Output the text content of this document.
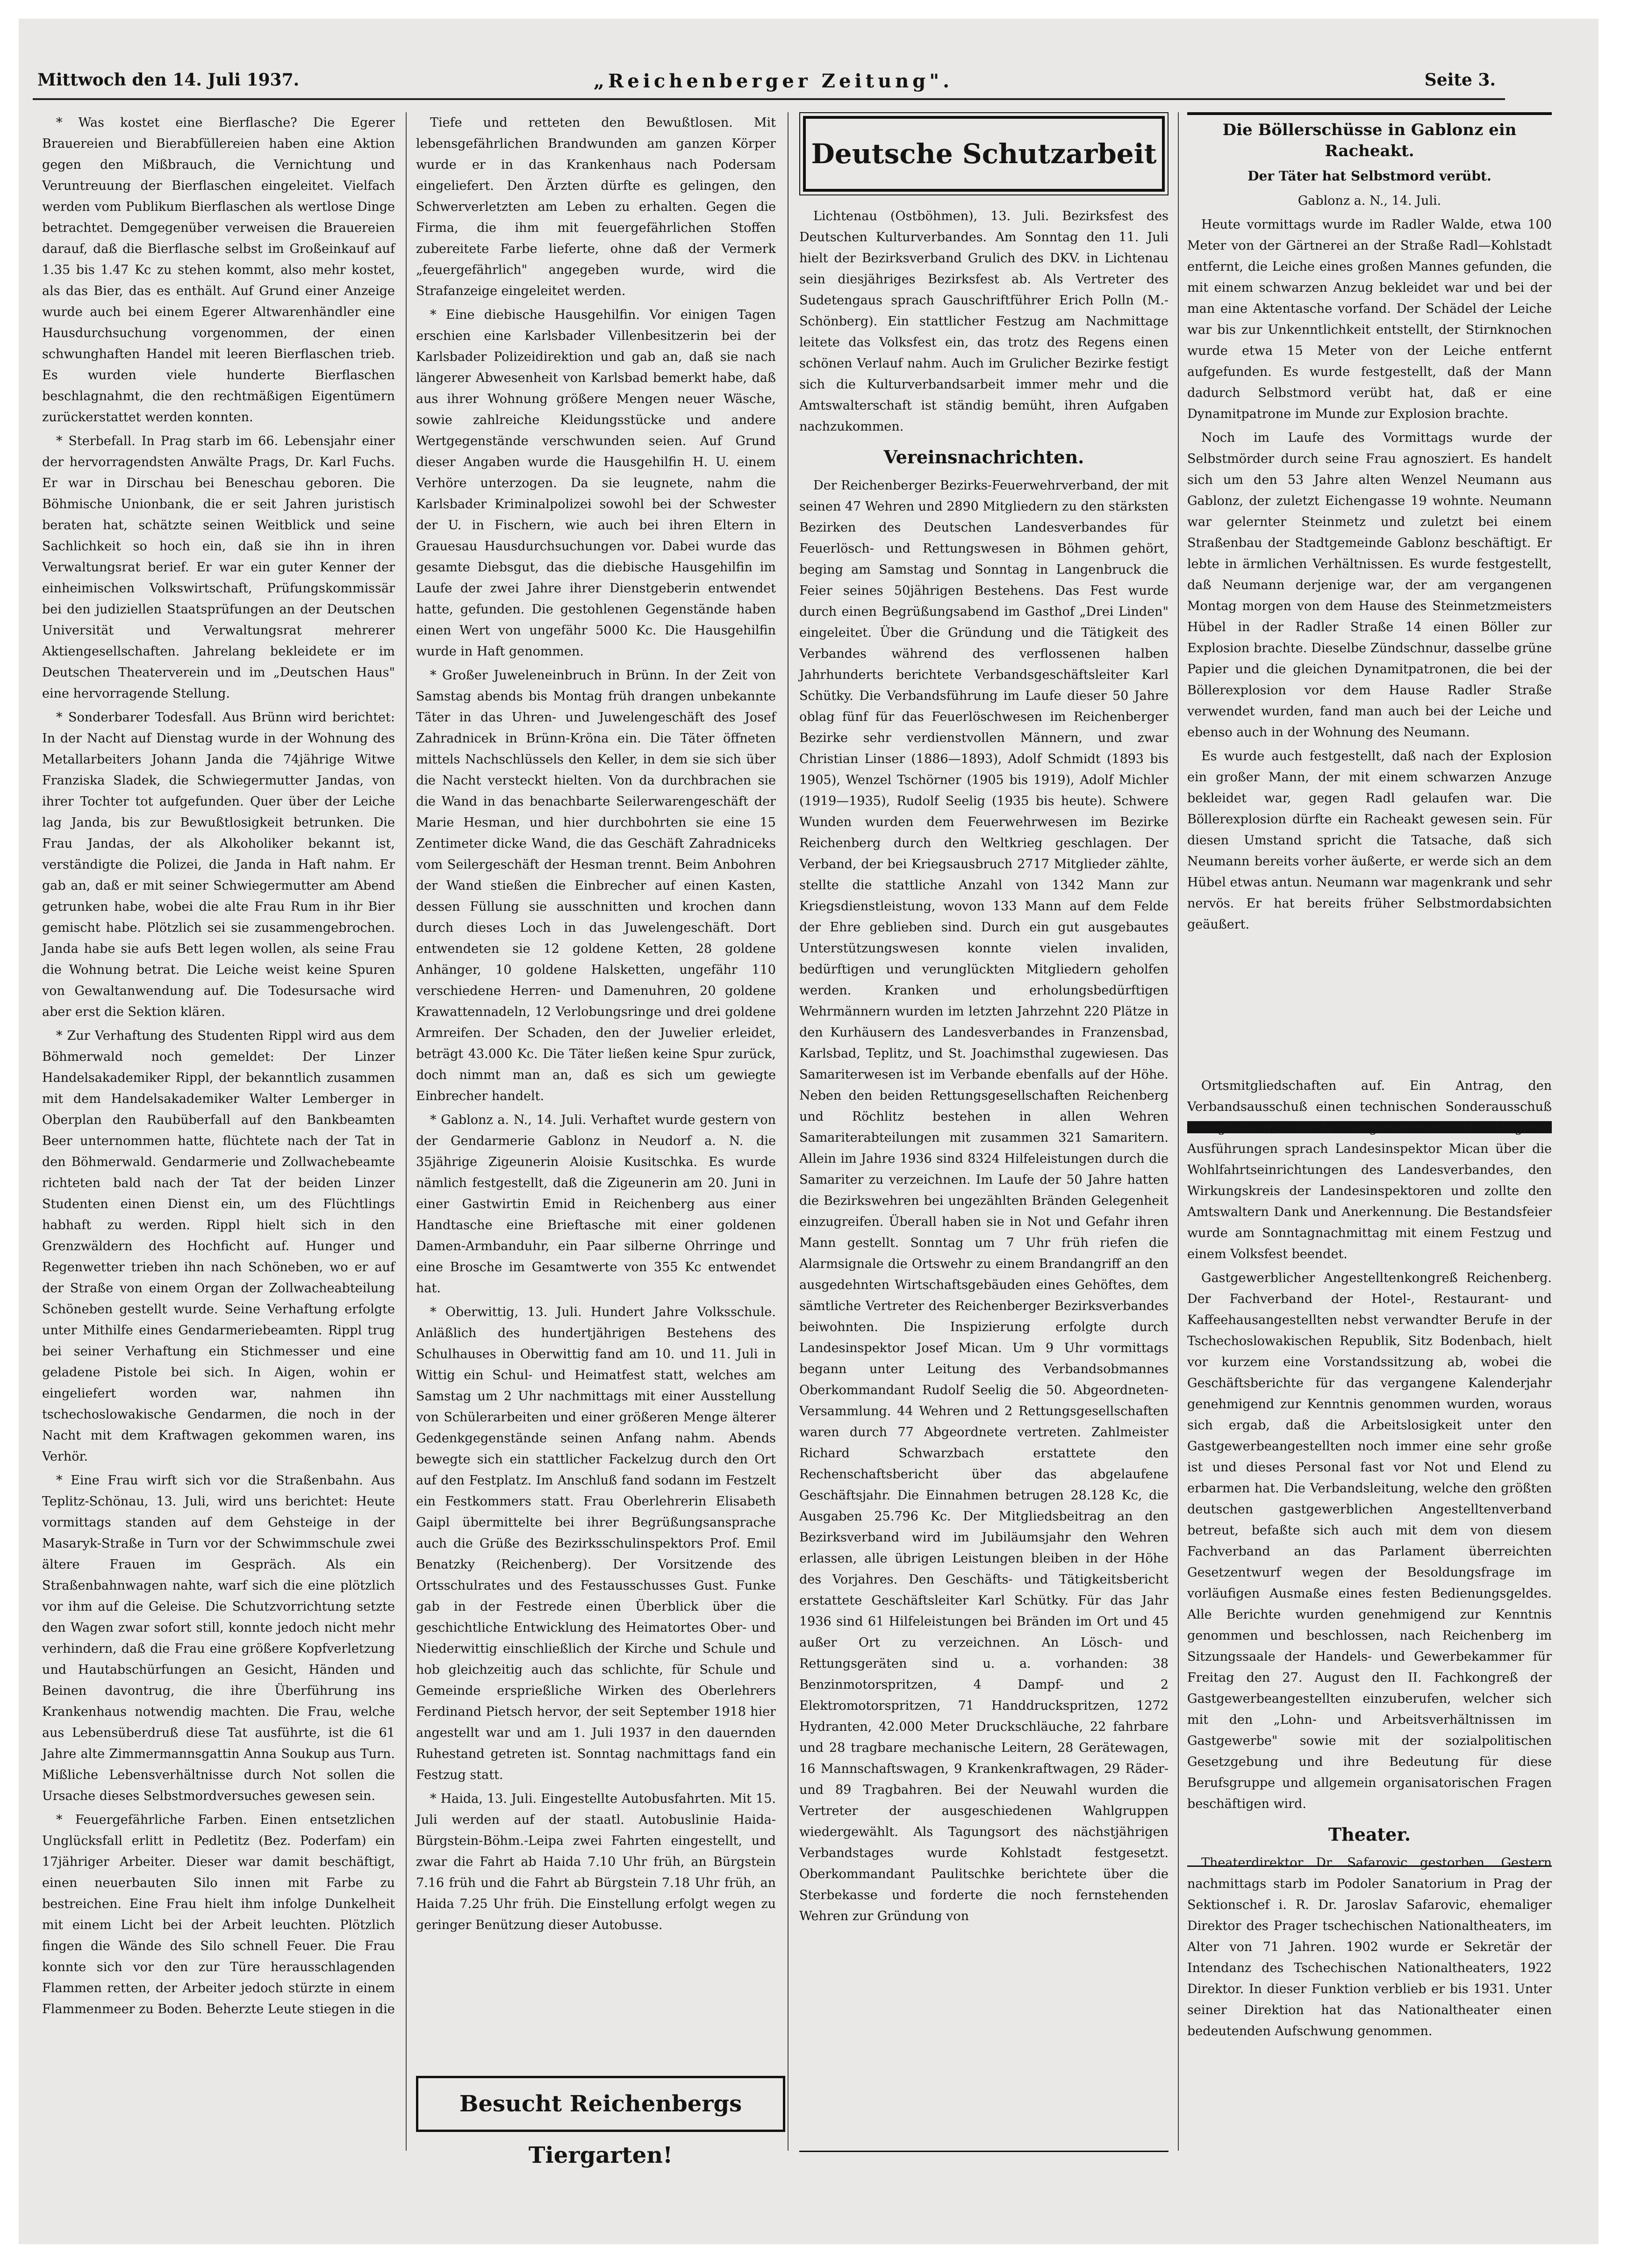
Mittwoch den 14. Juli 1937.	„Reichenberger Zeitung".	Seite 3.

* Was kostet eine Bierflasche? Die Egerer Brauereien und Bierabfüllereien haben eine Aktion gegen den Mißbrauch, die Vernichtung und Veruntreuung der Bierflaschen eingeleitet. Vielfach werden vom Publikum Bierflaschen als wertlose Dinge betrachtet. Demgegenüber verweisen die Brauereien darauf, daß die Bierflasche selbst im Großeinkauf auf 1.35 bis 1.47 Kc zu stehen kommt, also mehr kostet, als das Bier, das es enthält. Auf Grund einer Anzeige wurde auch bei einem Egerer Altwarenhändler eine Hausdurchsuchung vorgenommen, der einen schwunghaften Handel mit leeren Bierflaschen trieb. Es wurden viele hunderte Bierflaschen beschlagnahmt, die den rechtmäßigen Eigentümern zurückerstattet werden konnten.

* Sterbefall. In Prag starb im 66. Lebensjahr einer der hervorragendsten Anwälte Prags, Dr. Karl Fuchs. Er war in Dirschau bei Beneschau geboren. Die Böhmische Unionbank, die er seit Jahren juristisch beraten hat, schätzte seinen Weitblick und seine Sachlichkeit so hoch ein, daß sie ihn in ihren Verwaltungsrat berief. Er war ein guter Kenner der einheimischen Volkswirtschaft, Prüfungskommissär bei den judiziellen Staatsprüfungen an der Deutschen Universität und Verwaltungsrat mehrerer Aktiengesellschaften. Jahrelang bekleidete er im Deutschen Theaterverein und im „Deutschen Haus" eine hervorragende Stellung.

* Sonderbarer Todesfall. Aus Brünn wird berichtet: In der Nacht auf Dienstag wurde in der Wohnung des Metallarbeiters Johann Janda die 74jährige Witwe Franziska Sladek, die Schwiegermutter Jandas, von ihrer Tochter tot aufgefunden. Quer über der Leiche lag Janda, bis zur Bewußtlosigkeit betrunken. Die Frau Jandas, der als Alkoholiker bekannt ist, verständigte die Polizei, die Janda in Haft nahm. Er gab an, daß er mit seiner Schwiegermutter am Abend getrunken habe, wobei die alte Frau Rum in ihr Bier gemischt habe. Plötzlich sei sie zusammengebrochen. Janda habe sie aufs Bett legen wollen, als seine Frau die Wohnung betrat. Die Leiche weist keine Spuren von Gewaltanwendung auf. Die Todesursache wird aber erst die Sektion klären.

* Zur Verhaftung des Studenten Rippl wird aus dem Böhmerwald noch gemeldet: Der Linzer Handelsakademiker Rippl, der bekanntlich zusammen mit dem Handelsakademiker Walter Lemberger in Oberplan den Raubüberfall auf den Bankbeamten Beer unternommen hatte, flüchtete nach der Tat in den Böhmerwald. Gendarmerie und Zollwachebeamte richteten bald nach der Tat der beiden Linzer Studenten einen Dienst ein, um des Flüchtlings habhaft zu werden. Rippl hielt sich in den Grenzwäldern des Hochficht auf. Hunger und Regenwetter trieben ihn nach Schöneben, wo er auf der Straße von einem Organ der Zollwacheabteilung Schöneben gestellt wurde. Seine Verhaftung erfolgte unter Mithilfe eines Gendarmeriebeamten. Rippl trug bei seiner Verhaftung ein Stichmesser und eine geladene Pistole bei sich. In Aigen, wohin er eingeliefert worden war, nahmen ihn tschechoslowakische Gendarmen, die noch in der Nacht mit dem Kraftwagen gekommen waren, ins Verhör.

* Eine Frau wirft sich vor die Straßenbahn. Aus Teplitz-Schönau, 13. Juli, wird uns berichtet: Heute vormittags standen auf dem Gehsteige in der Masaryk-Straße in Turn vor der Schwimmschule zwei ältere Frauen im Gespräch. Als ein Straßenbahnwagen nahte, warf sich die eine plötzlich vor ihm auf die Geleise. Die Schutzvorrichtung setzte den Wagen zwar sofort still, konnte jedoch nicht mehr verhindern, daß die Frau eine größere Kopfverletzung und Hautabschürfungen an Gesicht, Händen und Beinen davontrug, die ihre Überführung ins Krankenhaus notwendig machten. Die Frau, welche aus Lebensüberdruß diese Tat ausführte, ist die 61 Jahre alte Zimmermannsgattin Anna Soukup aus Turn. Mißliche Lebensverhältnisse durch Not sollen die Ursache dieses Selbstmordversuches gewesen sein.

* Feuergefährliche Farben. Einen entsetzlichen Unglücksfall erlitt in Pedletitz (Bez. Poderfam) ein 17jähriger Arbeiter. Dieser war damit beschäftigt, einen neuerbauten Silo innen mit Farbe zu bestreichen. Eine Frau hielt ihm infolge Dunkelheit mit einem Licht bei der Arbeit leuchten. Plötzlich fingen die Wände des Silo schnell Feuer. Die Frau konnte sich vor den zur Türe herausschlagenden Flammen retten, der Arbeiter jedoch stürzte in einem Flammenmeer zu Boden. Beherzte Leute stiegen in die

Tiefe und retteten den Bewußtlosen. Mit lebensgefährlichen Brandwunden am ganzen Körper wurde er in das Krankenhaus nach Podersam eingeliefert. Den Ärzten dürfte es gelingen, den Schwerverletzten am Leben zu erhalten. Gegen die Firma, die ihm mit feuergefährlichen Stoffen zubereitete Farbe lieferte, ohne daß der Vermerk „feuergefährlich" angegeben wurde, wird die Strafanzeige eingeleitet werden.

* Eine diebische Hausgehilfin. Vor einigen Tagen erschien eine Karlsbader Villenbesitzerin bei der Karlsbader Polizeidirektion und gab an, daß sie nach längerer Abwesenheit von Karlsbad bemerkt habe, daß aus ihrer Wohnung größere Mengen neuer Wäsche, sowie zahlreiche Kleidungsstücke und andere Wertgegenstände verschwunden seien. Auf Grund dieser Angaben wurde die Hausgehilfin H. U. einem Verhöre unterzogen. Da sie leugnete, nahm die Karlsbader Kriminalpolizei sowohl bei der Schwester der U. in Fischern, wie auch bei ihren Eltern in Grauesau Hausdurchsuchungen vor. Dabei wurde das gesamte Diebsgut, das die diebische Hausgehilfin im Laufe der zwei Jahre ihrer Dienstgeberin entwendet hatte, gefunden. Die gestohlenen Gegenstände haben einen Wert von ungefähr 5000 Kc. Die Hausgehilfin wurde in Haft genommen.

* Großer Juweleneinbruch in Brünn. In der Zeit von Samstag abends bis Montag früh drangen unbekannte Täter in das Uhren- und Juwelengeschäft des Josef Zahradnicek in Brünn-Kröna ein. Die Täter öffneten mittels Nachschlüssels den Keller, in dem sie sich über die Nacht versteckt hielten. Von da durchbrachen sie die Wand in das benachbarte Seilerwarengeschäft der Marie Hesman, und hier durchbohrten sie eine 15 Zentimeter dicke Wand, die das Geschäft Zahradniceks vom Seilergeschäft der Hesman trennt. Beim Anbohren der Wand stießen die Einbrecher auf einen Kasten, dessen Füllung sie ausschnitten und krochen dann durch dieses Loch in das Juwelengeschäft. Dort entwendeten sie 12 goldene Ketten, 28 goldene Anhänger, 10 goldene Halsketten, ungefähr 110 verschiedene Herren- und Damenuhren, 20 goldene Krawattennadeln, 12 Verlobungsringe und drei goldene Armreifen. Der Schaden, den der Juwelier erleidet, beträgt 43.000 Kc. Die Täter ließen keine Spur zurück, doch nimmt man an, daß es sich um gewiegte Einbrecher handelt.

* Gablonz a. N., 14. Juli. Verhaftet wurde gestern von der Gendarmerie Gablonz in Neudorf a. N. die 35jährige Zigeunerin Aloisie Kusitschka. Es wurde nämlich festgestellt, daß die Zigeunerin am 20. Juni in einer Gastwirtin Emid in Reichenberg aus einer Handtasche eine Brieftasche mit einer goldenen Damen-Armbanduhr, ein Paar silberne Ohrringe und eine Brosche im Gesamtwerte von 355 Kc entwendet hat.

* Oberwittig, 13. Juli. Hundert Jahre Volksschule. Anläßlich des hundertjährigen Bestehens des Schulhauses in Oberwittig fand am 10. und 11. Juli in Wittig ein Schul- und Heimatfest statt, welches am Samstag um 2 Uhr nachmittags mit einer Ausstellung von Schülerarbeiten und einer größeren Menge älterer Gedenkgegenstände seinen Anfang nahm. Abends bewegte sich ein stattlicher Fackelzug durch den Ort auf den Festplatz. Im Anschluß fand sodann im Festzelt ein Festkommers statt. Frau Oberlehrerin Elisabeth Gaipl übermittelte bei ihrer Begrüßungsansprache auch die Grüße des Bezirksschulinspektors Prof. Emil Benatzky (Reichenberg). Der Vorsitzende des Ortsschulrates und des Festausschusses Gust. Funke gab in der Festrede einen Überblick über die geschichtliche Entwicklung des Heimatortes Ober- und Niederwittig einschließlich der Kirche und Schule und hob gleichzeitig auch das schlichte, für Schule und Gemeinde ersprießliche Wirken des Oberlehrers Ferdinand Pietsch hervor, der seit September 1918 hier angestellt war und am 1. Juli 1937 in den dauernden Ruhestand getreten ist. Sonntag nachmittags fand ein Festzug statt.

* Haida, 13. Juli. Eingestellte Autobusfahrten. Mit 15. Juli werden auf der staatl. Autobuslinie Haida-Bürgstein-Böhm.-Leipa zwei Fahrten eingestellt, und zwar die Fahrt ab Haida 7.10 Uhr früh, an Bürgstein 7.16 früh und die Fahrt ab Bürgstein 7.18 Uhr früh, an Haida 7.25 Uhr früh. Die Einstellung erfolgt wegen zu geringer Benützung dieser Autobusse.

Besucht Reichenbergs Tiergarten!
Deutsche Schutzarbeit

Lichtenau (Ostböhmen), 13. Juli. Bezirksfest des Deutschen Kulturverbandes. Am Sonntag den 11. Juli hielt der Bezirksverband Grulich des DKV. in Lichtenau sein diesjähriges Bezirksfest ab. Als Vertreter des Sudetengaus sprach Gauschriftführer Erich Polln (M.-Schönberg). Ein stattlicher Festzug am Nachmittage leitete das Volksfest ein, das trotz des Regens einen schönen Verlauf nahm. Auch im Grulicher Bezirke festigt sich die Kulturverbandsarbeit immer mehr und die Amtswalterschaft ist ständig bemüht, ihren Aufgaben nachzukommen.

Vereinsnachrichten.

Der Reichenberger Bezirks-Feuerwehrverband, der mit seinen 47 Wehren und 2890 Mitgliedern zu den stärksten Bezirken des Deutschen Landesverbandes für Feuerlösch- und Rettungswesen in Böhmen gehört, beging am Samstag und Sonntag in Langenbruck die Feier seines 50jährigen Bestehens. Das Fest wurde durch einen Begrüßungsabend im Gasthof „Drei Linden" eingeleitet. Über die Gründung und die Tätigkeit des Verbandes während des verflossenen halben Jahrhunderts berichtete Verbandsgeschäftsleiter Karl Schütky. Die Verbandsführung im Laufe dieser 50 Jahre oblag fünf für das Feuerlöschwesen im Reichenberger Bezirke sehr verdienstvollen Männern, und zwar Christian Linser (1886—1893), Adolf Schmidt (1893 bis 1905), Wenzel Tschörner (1905 bis 1919), Adolf Michler (1919—1935), Rudolf Seelig (1935 bis heute). Schwere Wunden wurden dem Feuerwehrwesen im Bezirke Reichenberg durch den Weltkrieg geschlagen. Der Verband, der bei Kriegsausbruch 2717 Mitglieder zählte, stellte die stattliche Anzahl von 1342 Mann zur Kriegsdienstleistung, wovon 133 Mann auf dem Felde der Ehre geblieben sind. Durch ein gut ausgebautes Unterstützungswesen konnte vielen invaliden, bedürftigen und verunglückten Mitgliedern geholfen werden. Kranken und erholungsbedürftigen Wehrmännern wurden im letzten Jahrzehnt 220 Plätze in den Kurhäusern des Landesverbandes in Franzensbad, Karlsbad, Teplitz, und St. Joachimsthal zugewiesen. Das Samariterwesen ist im Verbande ebenfalls auf der Höhe. Neben den beiden Rettungsgesellschaften Reichenberg und Röchlitz bestehen in allen Wehren Samariterabteilungen mit zusammen 321 Samaritern. Allein im Jahre 1936 sind 8324 Hilfeleistungen durch die Samariter zu verzeichnen. Im Laufe der 50 Jahre hatten die Bezirkswehren bei ungezählten Bränden Gelegenheit einzugreifen. Überall haben sie in Not und Gefahr ihren Mann gestellt. Sonntag um 7 Uhr früh riefen die Alarmsignale die Ortswehr zu einem Brandangriff an den ausgedehnten Wirtschaftsgebäuden eines Gehöftes, dem sämtliche Vertreter des Reichenberger Bezirksverbandes beiwohnten. Die Inspizierung erfolgte durch Landesinspektor Josef Mican. Um 9 Uhr vormittags begann unter Leitung des Verbandsobmannes Oberkommandant Rudolf Seelig die 50. Abgeordneten-Versammlung. 44 Wehren und 2 Rettungsgesellschaften waren durch 77 Abgeordnete vertreten. Zahlmeister Richard Schwarzbach erstattete den Rechenschaftsbericht über das abgelaufene Geschäftsjahr. Die Einnahmen betrugen 28.128 Kc, die Ausgaben 25.796 Kc. Der Mitgliedsbeitrag an den Bezirksverband wird im Jubiläumsjahr den Wehren erlassen, alle übrigen Leistungen bleiben in der Höhe des Vorjahres. Den Geschäfts- und Tätigkeitsbericht erstattete Geschäftsleiter Karl Schütky. Für das Jahr 1936 sind 61 Hilfeleistungen bei Bränden im Ort und 45 außer Ort zu verzeichnen. An Lösch- und Rettungsgeräten sind u. a. vorhanden: 38 Benzinmotorspritzen, 4 Dampf- und 2 Elektromotorspritzen, 71 Handdruckspritzen, 1272 Hydranten, 42.000 Meter Druckschläuche, 22 fahrbare und 28 tragbare mechanische Leitern, 28 Gerätewagen, 16 Mannschaftswagen, 9 Krankenkraftwagen, 29 Räder- und 89 Tragbahren. Bei der Neuwahl wurden die Vertreter der ausgeschiedenen Wahlgruppen wiedergewählt. Als Tagungsort des nächstjährigen Verbandstages wurde Kohlstadt festgesetzt. Oberkommandant Paulitschke berichtete über die Sterbekasse und forderte die noch fernstehenden Wehren zur Gründung von

Die Böllerschüsse in Gablonz ein Racheakt.
Der Täter hat Selbstmord verübt.
Gablonz a. N., 14. Juli.

Heute vormittags wurde im Radler Walde, etwa 100 Meter von der Gärtnerei an der Straße Radl—Kohlstadt entfernt, die Leiche eines großen Mannes gefunden, die mit einem schwarzen Anzug bekleidet war und bei der man eine Aktentasche vorfand. Der Schädel der Leiche war bis zur Unkenntlichkeit entstellt, der Stirnknochen wurde etwa 15 Meter von der Leiche entfernt aufgefunden. Es wurde festgestellt, daß der Mann dadurch Selbstmord verübt hat, daß er eine Dynamitpatrone im Munde zur Explosion brachte.

Noch im Laufe des Vormittags wurde der Selbstmörder durch seine Frau agnosziert. Es handelt sich um den 53 Jahre alten Wenzel Neumann aus Gablonz, der zuletzt Eichengasse 19 wohnte. Neumann war gelernter Steinmetz und zuletzt bei einem Straßenbau der Stadtgemeinde Gablonz beschäftigt. Er lebte in ärmlichen Verhältnissen. Es wurde festgestellt, daß Neumann derjenige war, der am vergangenen Montag morgen von dem Hause des Steinmetzmeisters Hübel in der Radler Straße 14 einen Böller zur Explosion brachte. Dieselbe Zündschnur, dasselbe grüne Papier und die gleichen Dynamitpatronen, die bei der Böllerexplosion vor dem Hause Radler Straße verwendet wurden, fand man auch bei der Leiche und ebenso auch in der Wohnung des Neumann.

Es wurde auch festgestellt, daß nach der Explosion ein großer Mann, der mit einem schwarzen Anzuge bekleidet war, gegen Radl gelaufen war. Die Böllerexplosion dürfte ein Racheakt gewesen sein. Für diesen Umstand spricht die Tatsache, daß sich Neumann bereits vorher äußerte, er werde sich an dem Hübel etwas antun. Neumann war magenkrank und sehr nervös. Er hat bereits früher Selbstmordabsichten geäußert.

Ortsmitgliedschaften auf. Ein Antrag, den Verbandsausschuß einen technischen Sonderausschuß anzugliedern, wurde angenommen. In längeren Ausführungen sprach Landesinspektor Mican über die Wohlfahrtseinrichtungen des Landesverbandes, den Wirkungskreis der Landesinspektoren und zollte den Amtswaltern Dank und Anerkennung. Die Bestandsfeier wurde am Sonntagnachmittag mit einem Festzug und einem Volksfest beendet.

Gastgewerblicher Angestelltenkongreß Reichenberg. Der Fachverband der Hotel-, Restaurant- und Kaffeehausangestellten nebst verwandter Berufe in der Tschechoslowakischen Republik, Sitz Bodenbach, hielt vor kurzem eine Vorstandssitzung ab, wobei die Geschäftsberichte für das vergangene Kalenderjahr genehmigend zur Kenntnis genommen wurden, woraus sich ergab, daß die Arbeitslosigkeit unter den Gastgewerbeangestellten noch immer eine sehr große ist und dieses Personal fast vor Not und Elend zu erbarmen hat. Die Verbandsleitung, welche den größten deutschen gastgewerblichen Angestelltenverband betreut, befaßte sich auch mit dem von diesem Fachverband an das Parlament überreichten Gesetzentwurf wegen der Besoldungsfrage im vorläufigen Ausmaße eines festen Bedienungsgeldes. Alle Berichte wurden genehmigend zur Kenntnis genommen und beschlossen, nach Reichenberg im Sitzungssaale der Handels- und Gewerbekammer für Freitag den 27. August den II. Fachkongreß der Gastgewerbeangestellten einzuberufen, welcher sich mit den „Lohn- und Arbeitsverhältnissen im Gastgewerbe" sowie mit der sozialpolitischen Gesetzgebung und ihre Bedeutung für diese Berufsgruppe und allgemein organisatorischen Fragen beschäftigen wird.

Theater.

Theaterdirektor Dr. Safarovic gestorben. Gestern nachmittags starb im Podoler Sanatorium in Prag der Sektionschef i. R. Dr. Jaroslav Safarovic, ehemaliger Direktor des Prager tschechischen Nationaltheaters, im Alter von 71 Jahren. 1902 wurde er Sekretär der Intendanz des Tschechischen Nationaltheaters, 1922 Direktor. In dieser Funktion verblieb er bis 1931. Unter seiner Direktion hat das Nationaltheater einen bedeutenden Aufschwung genommen.
